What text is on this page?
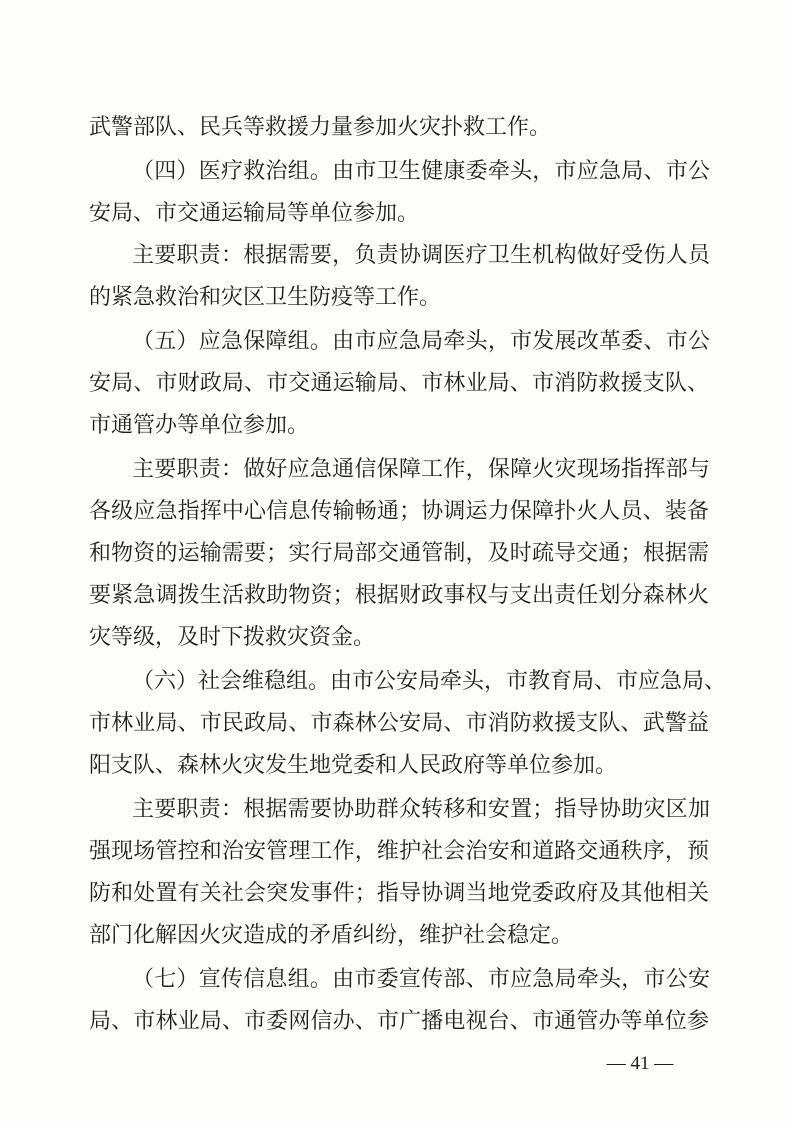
武警部队、民兵等救援力量参加火灾扑救工作。
（四）医疗救治组。由市卫生健康委牵头，市应急局、市公
安局、市交通运输局等单位参加。
主要职责：根据需要，负责协调医疗卫生机构做好受伤人员
的紧急救治和灾区卫生防疫等工作。
（五）应急保障组。由市应急局牵头，市发展改革委、市公
安局、市财政局、市交通运输局、市林业局、市消防救援支队、
市通管办等单位参加。
主要职责：做好应急通信保障工作，保障火灾现场指挥部与
各级应急指挥中心信息传输畅通；协调运力保障扑火人员、装备
和物资的运输需要；实行局部交通管制，及时疏导交通；根据需
要紧急调拨生活救助物资；根据财政事权与支出责任划分森林火
灾等级，及时下拨救灾资金。
（六）社会维稳组。由市公安局牵头，市教育局、市应急局、
市林业局、市民政局、市森林公安局、市消防救援支队、武警益
阳支队、森林火灾发生地党委和人民政府等单位参加。
主要职责：根据需要协助群众转移和安置；指导协助灾区加
强现场管控和治安管理工作，维护社会治安和道路交通秩序，预
防和处置有关社会突发事件；指导协调当地党委政府及其他相关
部门化解因火灾造成的矛盾纠纷，维护社会稳定。
（七）宣传信息组。由市委宣传部、市应急局牵头，市公安
局、市林业局、市委网信办、市广播电视台、市通管办等单位参
— 41 —
